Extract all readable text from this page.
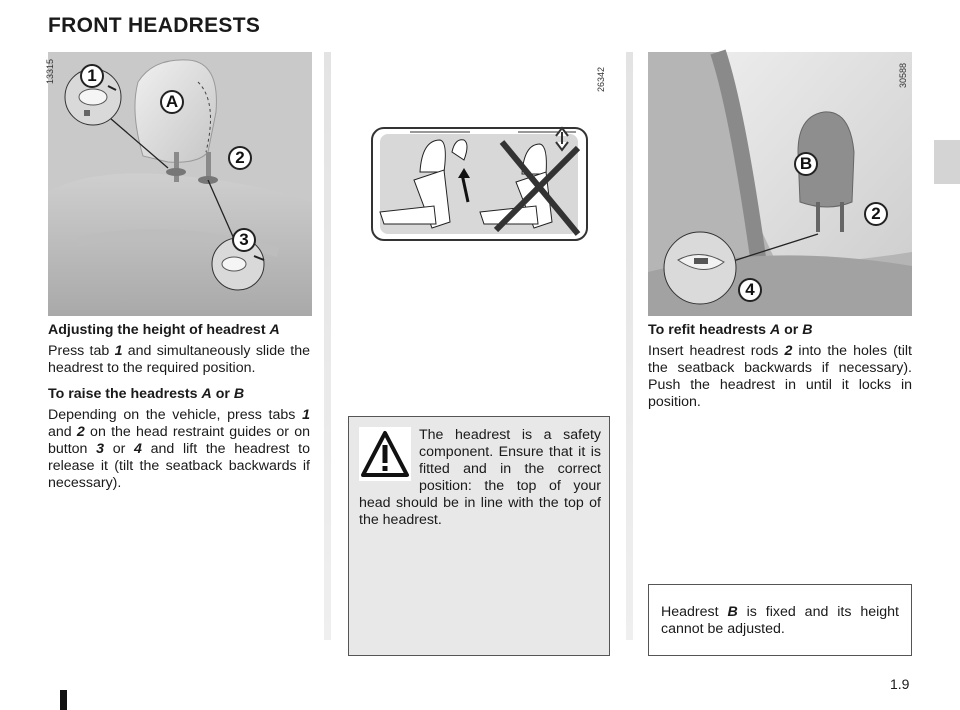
FRONT HEADRESTS
13315	1
A
2
3
26342	30588
B
2
4

Adjusting the height of headrest A

Press tab 1 and simultaneously slide the headrest to the required position.

To raise the headrests A or B

Depending on the vehicle, press tabs 1 and 2 on the head restraint guides or on button 3 or 4 and lift the headrest to release it (tilt the seatback backwards if necessary).

The headrest is a safety component. Ensure that it is fitted and in the correct position: the top of your head should be in line with the top of the headrest.

To refit headrests A or B

Insert headrest rods 2 into the holes (tilt the seatback backwards if necessary). Push the headrest in until it locks in position.

Headrest B is fixed and its height cannot be adjusted.
1.9
